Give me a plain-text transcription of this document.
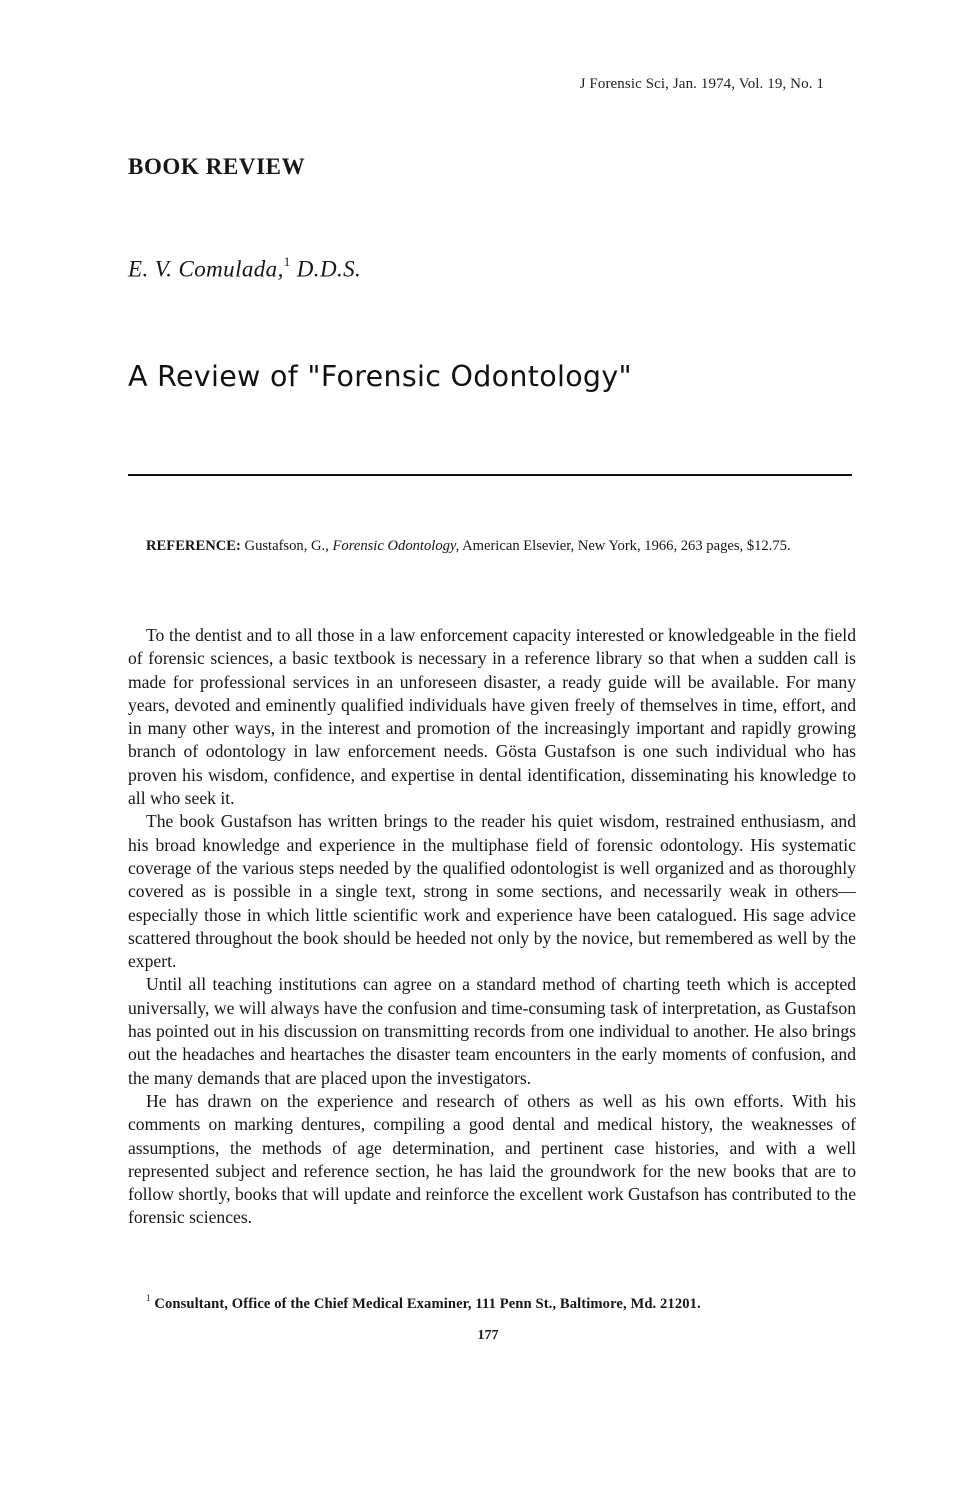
J Forensic Sci, Jan. 1974, Vol. 19, No. 1
BOOK REVIEW
E. V. Comulada,$^1$ D.D.S.
A Review of "Forensic Odontology"
REFERENCE: Gustafson, G., Forensic Odontology, American Elsevier, New York, 1966, 263 pages, $12.75.

To the dentist and to all those in a law enforcement capacity interested or knowledgeable in the field of forensic sciences, a basic textbook is necessary in a reference library so that when a sudden call is made for professional services in an unforeseen disaster, a ready guide will be available. For many years, devoted and eminently qualified individuals have given freely of themselves in time, effort, and in many other ways, in the interest and promotion of the increasingly important and rapidly growing branch of odontology in law enforcement needs. Gösta Gustafson is one such individual who has proven his wisdom, confidence, and expertise in dental identification, disseminating his knowledge to all who seek it.

The book Gustafson has written brings to the reader his quiet wisdom, restrained enthusiasm, and his broad knowledge and experience in the multiphase field of forensic odontology. His systematic coverage of the various steps needed by the qualified odontologist is well organized and as thoroughly covered as is possible in a single text, strong in some sections, and necessarily weak in others—especially those in which little scientific work and experience have been catalogued. His sage advice scattered throughout the book should be heeded not only by the novice, but remembered as well by the expert.

Until all teaching institutions can agree on a standard method of charting teeth which is accepted universally, we will always have the confusion and time-consuming task of interpretation, as Gustafson has pointed out in his discussion on transmitting records from one individual to another. He also brings out the headaches and heartaches the disaster team encounters in the early moments of confusion, and the many demands that are placed upon the investigators.

He has drawn on the experience and research of others as well as his own efforts. With his comments on marking dentures, compiling a good dental and medical history, the weaknesses of assumptions, the methods of age determination, and pertinent case histories, and with a well represented subject and reference section, he has laid the groundwork for the new books that are to follow shortly, books that will update and reinforce the excellent work Gustafson has contributed to the forensic sciences.

$^1$ Consultant, Office of the Chief Medical Examiner, 111 Penn St., Baltimore, Md. 21201.
177
